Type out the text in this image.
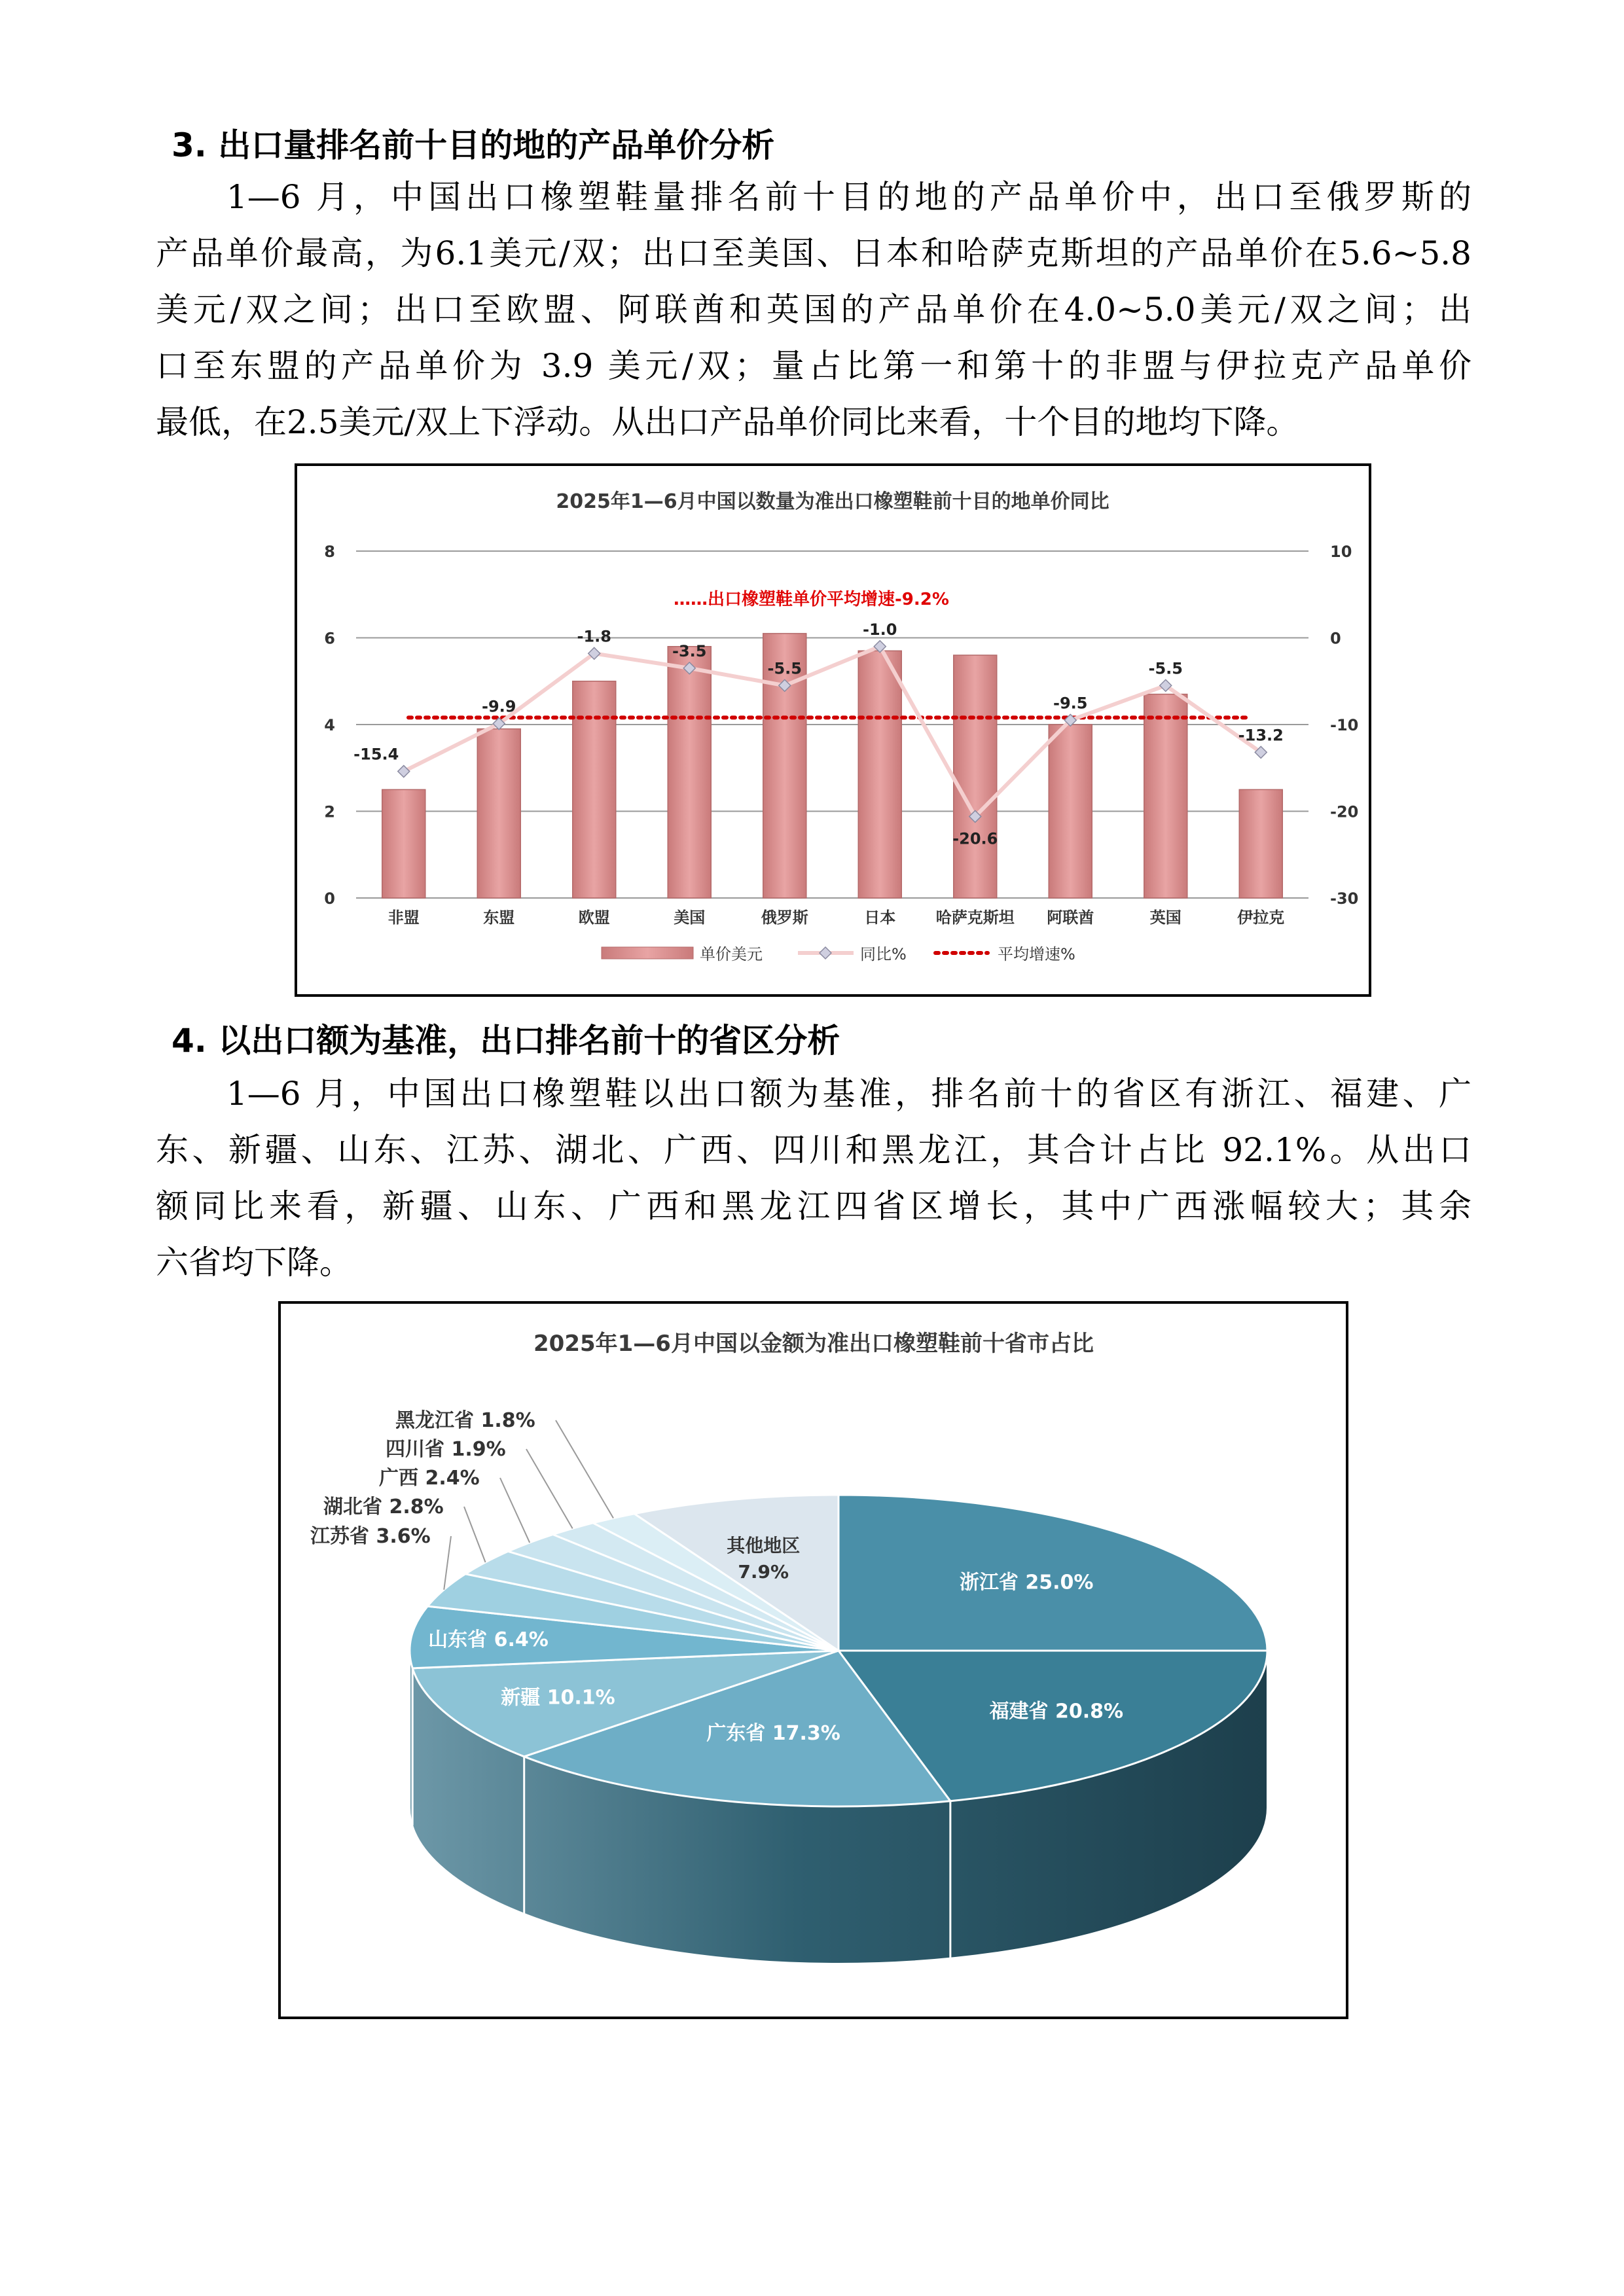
3. 出口量排名前十目的地的产品单价分析
1—6 月，中国出口橡塑鞋量排名前十目的地的产品单价中，出口至俄罗斯的
产品单价最高，为6.1美元/双；出口至美国、日本和哈萨克斯坦的产品单价在5.6~5.8
美元/双之间；出口至欧盟、阿联酋和英国的产品单价在4.0~5.0美元/双之间；出
口至东盟的产品单价为 3.9 美元/双；量占比第一和第十的非盟与伊拉克产品单价
最低，在2.5美元/双上下浮动。从出口产品单价同比来看，十个目的地均下降。
2025年1—6月中国以数量为准出口橡塑鞋前十目的地单价同比
0
2
4
6
8
-30
-20
-10
0
10
非盟	东盟	欧盟	美国	俄罗斯	日本	哈萨克斯坦 阿联酋	英国	伊拉克
-15.4
-9.9
-1.8
-3.5
-5.5
-1.0
-20.6
-9.5
-5.5
-13.2
……出口橡塑鞋单价平均增速-9.2%
单价美元	同比%	平均增速%
4. 以出口额为基准，出口排名前十的省区分析
1—6 月，中国出口橡塑鞋以出口额为基准，排名前十的省区有浙江、福建、广
东、新疆、山东、江苏、湖北、广西、四川和黑龙江，其合计占比 92.1%。从出口
额同比来看，新疆、山东、广西和黑龙江四省区增长，其中广西涨幅较大；其余
六省均下降。
2025年1—6月中国以金额为准出口橡塑鞋前十省市占比
浙江省 25.0%
福建省 20.8%
广东省 17.3%
新疆 10.1%
山东省 6.4%
其他地区
7.9%
江苏省 3.6%
湖北省 2.8%
广西 2.4%
四川省 1.9%
黑龙江省 1.8%
